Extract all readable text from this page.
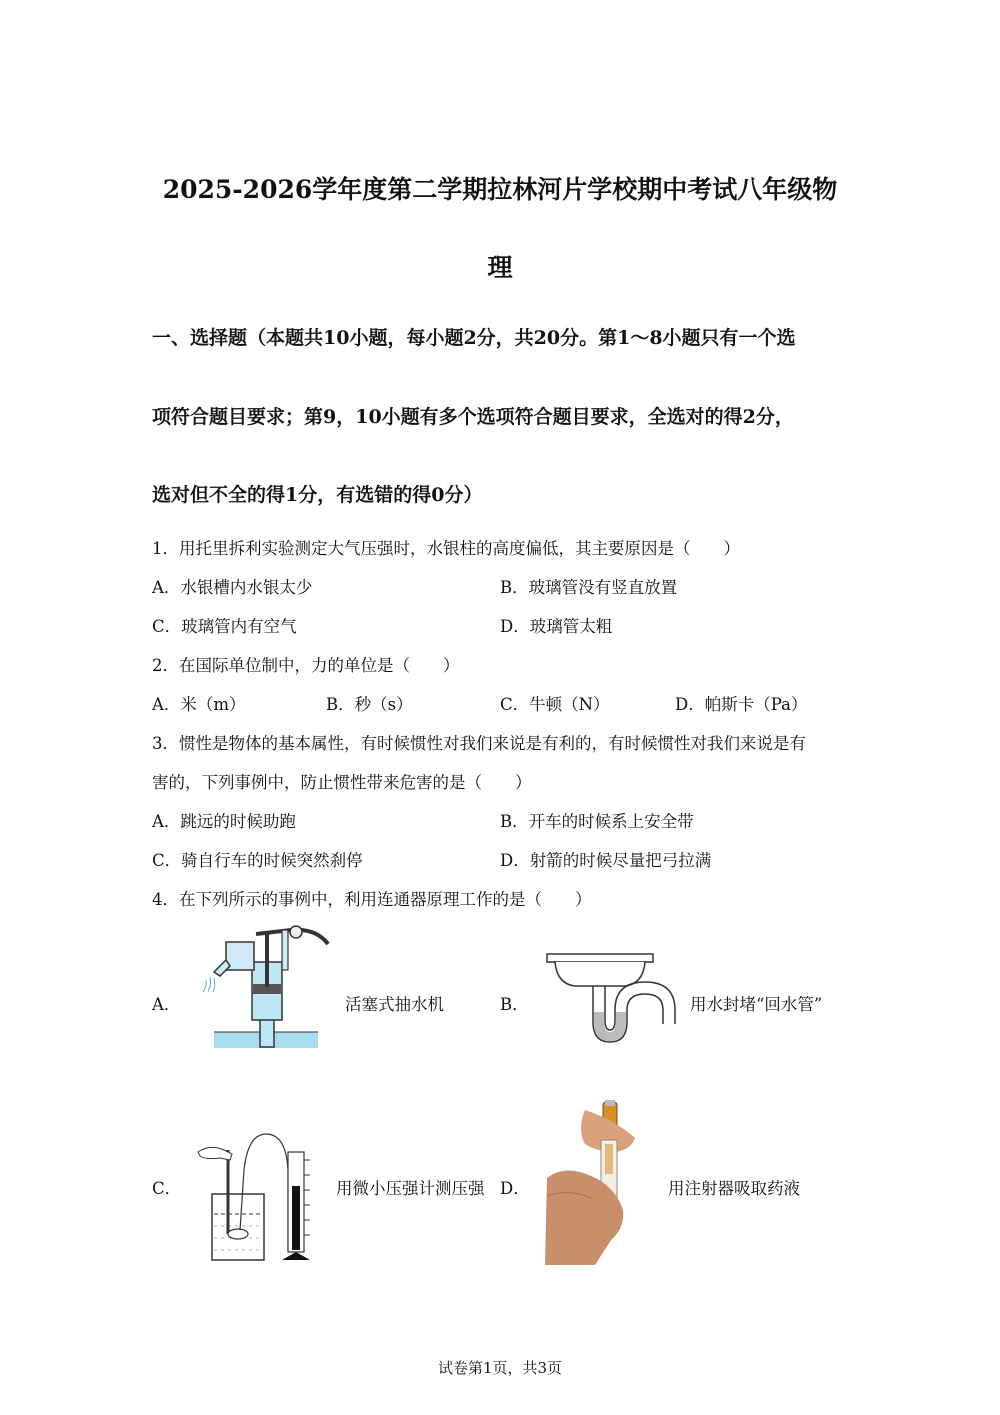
2025-2026学年度第二学期拉林河片学校期中考试八年级物
理
一、选择题（本题共10小题，每小题2分，共20分。第1～8小题只有一个选
项符合题目要求；第9，10小题有多个选项符合题目要求，全选对的得2分，
选对但不全的得1分，有选错的得0分）
1．用托里拆利实验测定大气压强时，水银柱的高度偏低，其主要原因是（　　）
A．水银槽内水银太少	B．玻璃管没有竖直放置
C．玻璃管内有空气	D．玻璃管太粗
2．在国际单位制中，力的单位是（　　）
A．米（m）	B．秒（s）	C．牛顿（N）	D．帕斯卡（Pa）
3．惯性是物体的基本属性，有时候惯性对我们来说是有利的，有时候惯性对我们来说是有
害的，下列事例中，防止惯性带来危害的是（　　）
A．跳远的时候助跑	B．开车的时候系上安全带
C．骑自行车的时候突然刹停	D．射箭的时候尽量把弓拉满
4．在下列所示的事例中，利用连通器原理工作的是（　　）
A．	活塞式抽水机	B．	用水封堵“回水管”
C．	用微小压强计测压强 D．	用注射器吸取药液
试卷第1页，共3页
